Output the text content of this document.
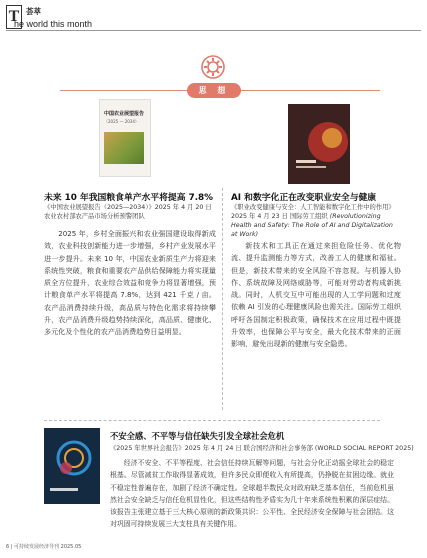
T 荟萃
he world this month
思 想
中国农业展望报告
（2025 — 2034）
未来 10 年我国粮食单产水平将提高 7.8%
《中国农业展望报告（2025—2034）》2025 年 4 月 20 日农业农村部农产品市场分析预警团队
2025 年，乡村全面振兴和农业强国建设取得新成效，农业科技创新能力进一步增强，乡村产业发展水平进一步提升。未来 10 年，中国农业新质生产力将迎来系统性突破，粮食和重要农产品供给保障能力将实现量质全方位提升，农业综合效益和竞争力将显著增强，预计粮食单产水平将提高 7.8%，达到 421 千克 / 亩。农产品消费持续升级，高品质与特色化需求将持续攀升，农产品消费升级趋势持续深化，高品质、健康化、多元化及个性化的农产品消费趋势日益明显。
AI 和数字化正在改变职业安全与健康
《职业改变健康与安全：人工智能和数字化工作中的作用》2025 年 4 月 23 日 国际劳工组织 (Revolutionizing Health and Safety: The Role of AI and Digitalization at Work)
新技术和工具正在通过来担危险任务、优化物流、提升监测能力等方式，改善工人的健康和福祉。但是，新技术带来的安全风险不容忽视。与机器人协作、系统故障及网络威胁等，可能对劳动者构成新挑战。同时，人机交互中可能出现的人工学问题和过度依赖 AI 引发的心理健康风险也需关注。国际劳工组织呼吁各国制定积极政策，确保技术在应用过程中既提升效率，也保障公平与安全，最大化技术带来的正面影响，避免出现新的健康与安全隐患。
不安全感、不平等与信任缺失引发全球社会危机
《2025 年世界社会报告》2025 年 4 月 24 日 联合国经济和社会事务部 (WORLD SOCIAL REPORT 2025)
经济不安全、不平等程度、社会信任持续瓦解等问题，与社会分化正动摇全球社会的稳定根基。尽管减贫工作取得显著成效，但许多民众即便收入有所提高，仍挣脱在贫困边缘。就业不稳定性普遍存在，加剧了经济不确定性。全球超半数民众对政府缺乏基本信任，当前危机虽然社会安全缺乏与信任危机显性化，但这些结构性矛盾实为几十年来系统性积累的深层症结。该报告主张建立基于三大核心原则的新政策共识：公平性、全民经济安全保障与社会团结。这对巩固可持续发展三大支柱具有关键作用。
6 | 可持续发展经济导刊 2025.05
